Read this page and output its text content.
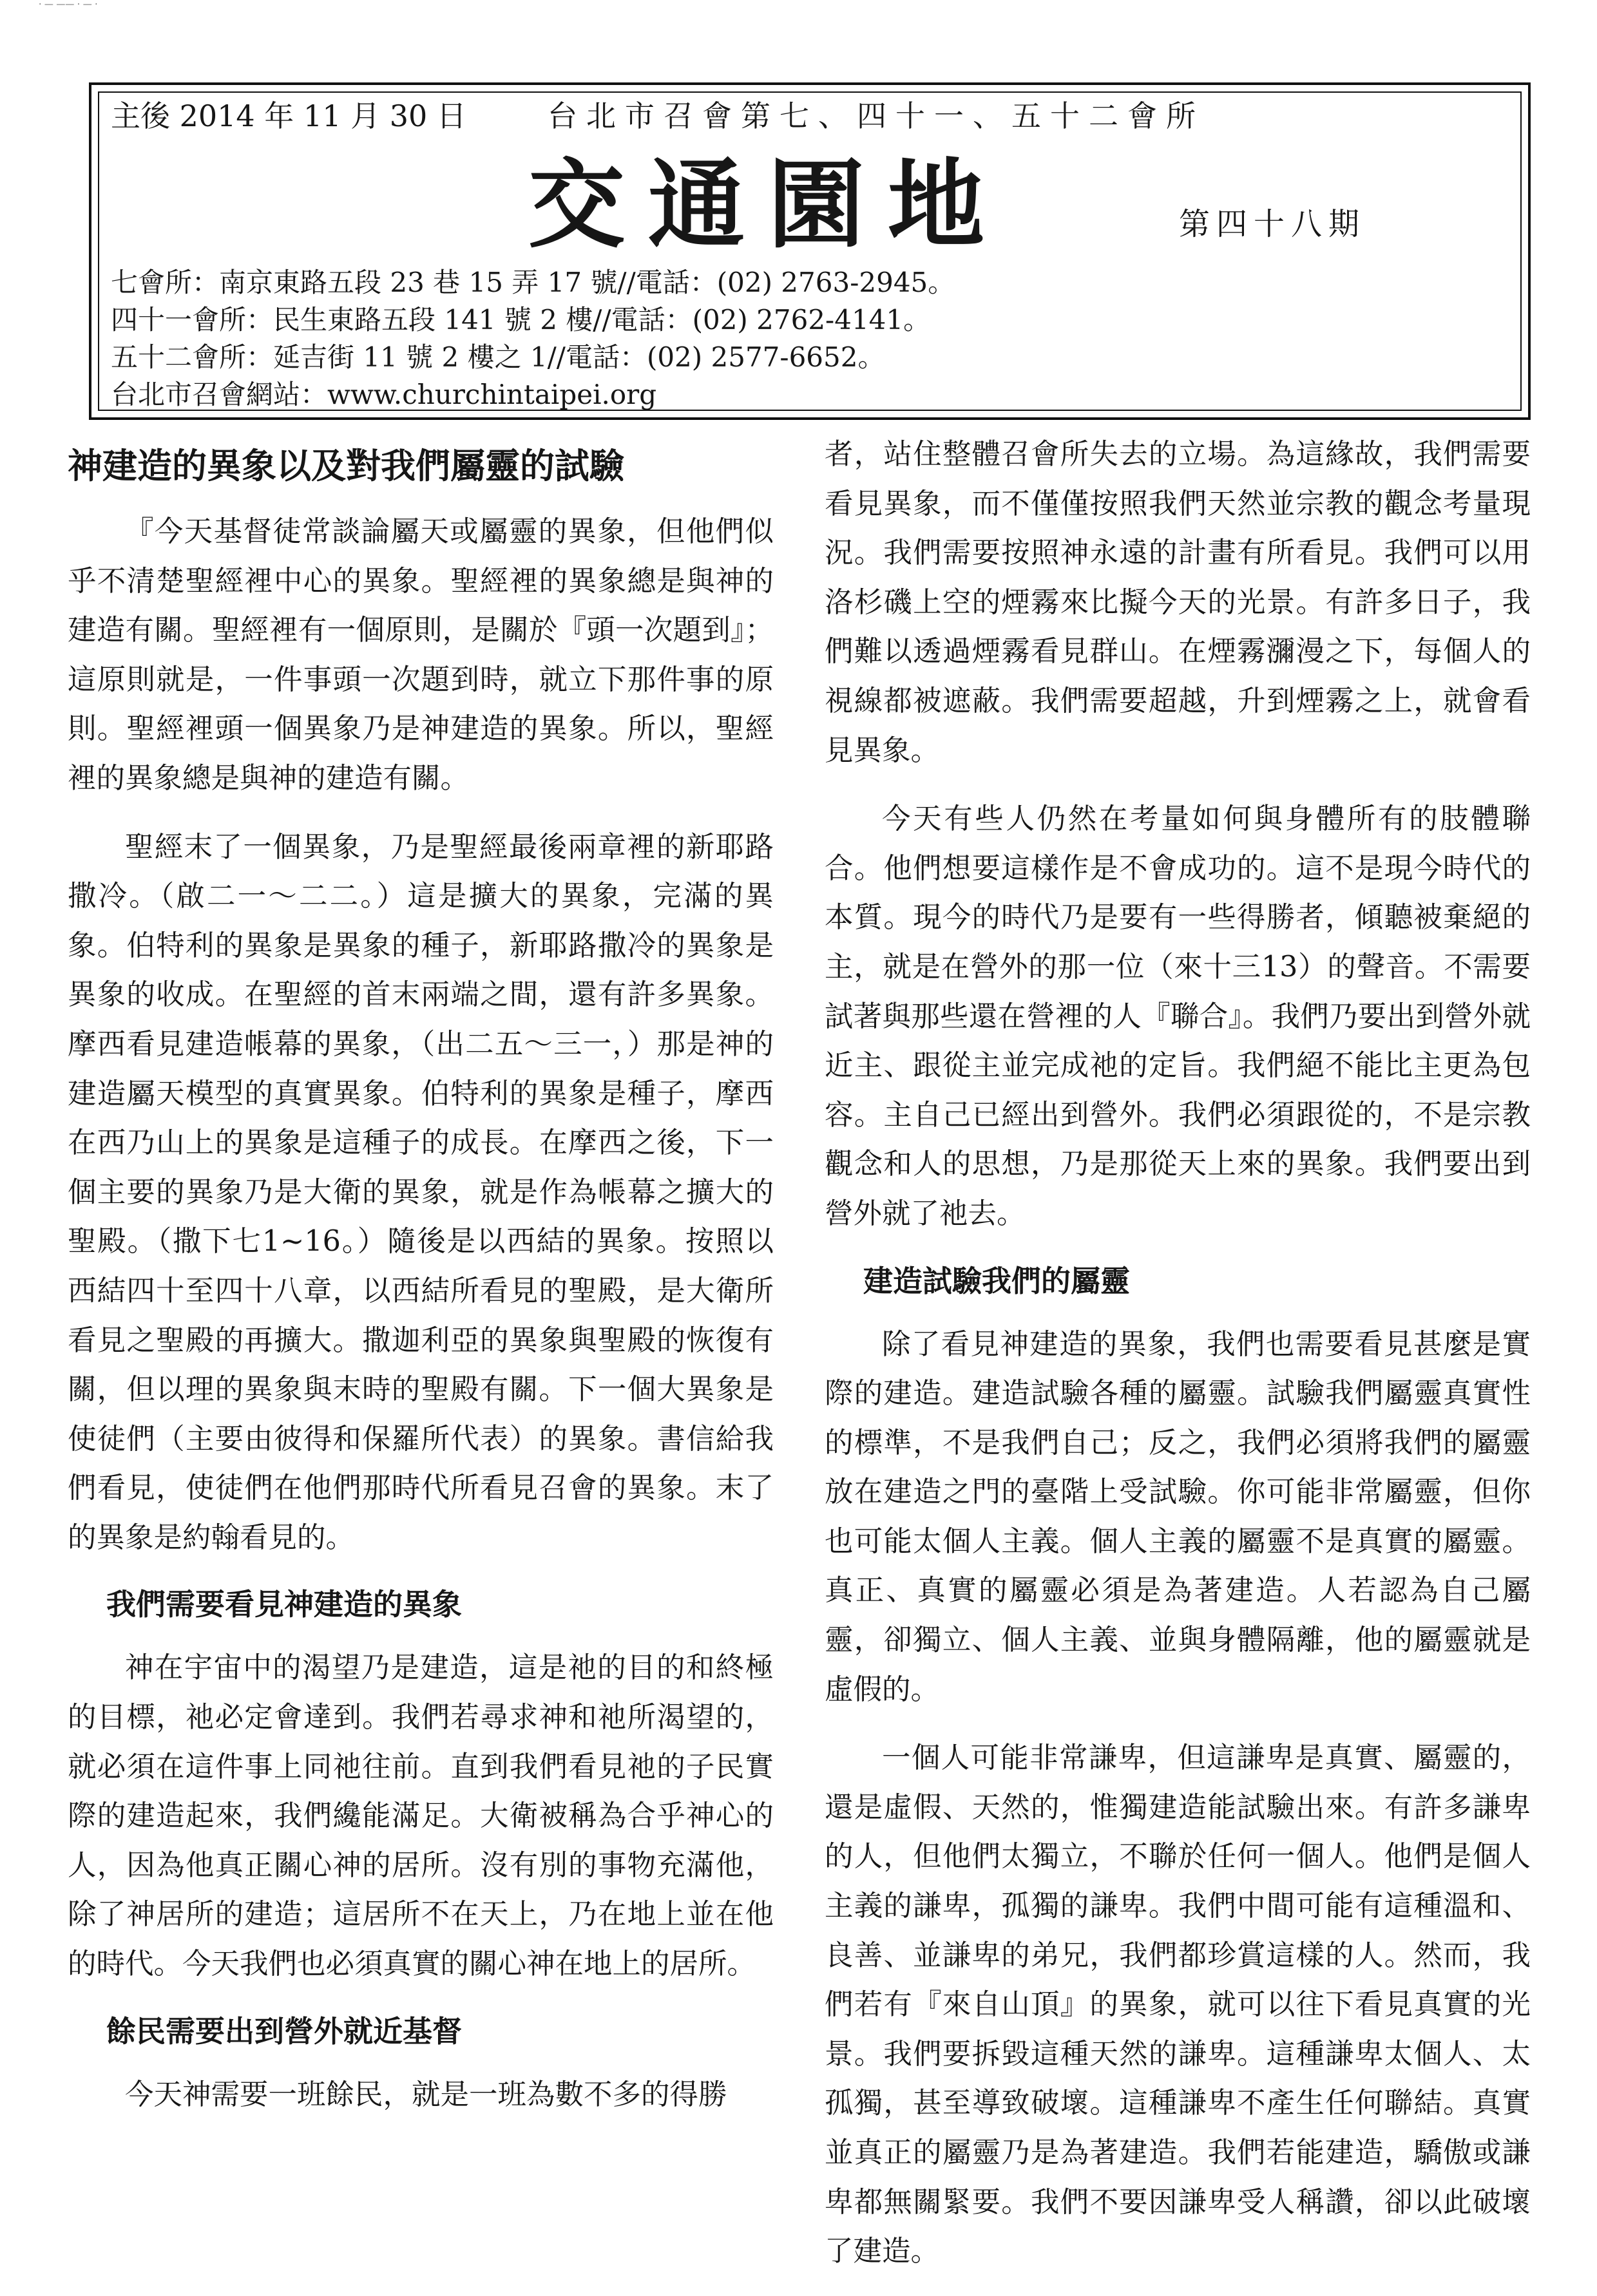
· — —— · — ·
主後 2014 年 11 月 30 日	台北市召會第七、四十一、五十二會所
交通園地	第四十八期
七會所：南京東路五段 23 巷 15 弄 17 號//電話：(02) 2763-2945。
四十一會所：民生東路五段 141 號 2 樓//電話：(02) 2762-4141。
五十二會所：延吉街 11 號 2 樓之 1//電話：(02) 2577-6652。
台北市召會網站：www.churchintaipei.org
神建造的異象以及對我們屬靈的試驗

『今天基督徒常談論屬天或屬靈的異象，但他們似乎不清楚聖經裡中心的異象。聖經裡的異象總是與神的建造有關。聖經裡有一個原則，是關於『頭一次題到』；這原則就是，一件事頭一次題到時，就立下那件事的原則。聖經裡頭一個異象乃是神建造的異象。所以，聖經裡的異象總是與神的建造有關。

聖經末了一個異象，乃是聖經最後兩章裡的新耶路撒冷。（啟二一～二二。）這是擴大的異象，完滿的異象。伯特利的異象是異象的種子，新耶路撒冷的異象是異象的收成。在聖經的首末兩端之間，還有許多異象。摩西看見建造帳幕的異象，（出二五～三一，）那是神的建造屬天模型的真實異象。伯特利的異象是種子，摩西在西乃山上的異象是這種子的成長。在摩西之後，下一個主要的異象乃是大衛的異象，就是作為帳幕之擴大的聖殿。（撒下七1~16。）隨後是以西結的異象。按照以西結四十至四十八章，以西結所看見的聖殿，是大衛所看見之聖殿的再擴大。撒迦利亞的異象與聖殿的恢復有關，但以理的異象與末時的聖殿有關。下一個大異象是使徒們（主要由彼得和保羅所代表）的異象。書信給我們看見，使徒們在他們那時代所看見召會的異象。末了的異象是約翰看見的。

我們需要看見神建造的異象

神在宇宙中的渴望乃是建造，這是祂的目的和終極的目標，祂必定會達到。我們若尋求神和祂所渴望的，就必須在這件事上同祂往前。直到我們看見祂的子民實際的建造起來，我們纔能滿足。大衛被稱為合乎神心的人，因為他真正關心神的居所。沒有別的事物充滿他，除了神居所的建造；這居所不在天上，乃在地上並在他的時代。今天我們也必須真實的關心神在地上的居所。

餘民需要出到營外就近基督

今天神需要一班餘民，就是一班為數不多的得勝

者，站住整體召會所失去的立場。為這緣故，我們需要看見異象，而不僅僅按照我們天然並宗教的觀念考量現況。我們需要按照神永遠的計畫有所看見。我們可以用洛杉磯上空的煙霧來比擬今天的光景。有許多日子，我們難以透過煙霧看見群山。在煙霧瀰漫之下，每個人的視線都被遮蔽。我們需要超越，升到煙霧之上，就會看見異象。

今天有些人仍然在考量如何與身體所有的肢體聯合。他們想要這樣作是不會成功的。這不是現今時代的本質。現今的時代乃是要有一些得勝者，傾聽被棄絕的主，就是在營外的那一位（來十三13）的聲音。不需要試著與那些還在營裡的人『聯合』。我們乃要出到營外就近主、跟從主並完成祂的定旨。我們絕不能比主更為包容。主自己已經出到營外。我們必須跟從的，不是宗教觀念和人的思想，乃是那從天上來的異象。我們要出到營外就了祂去。

建造試驗我們的屬靈

除了看見神建造的異象，我們也需要看見甚麼是實際的建造。建造試驗各種的屬靈。試驗我們屬靈真實性的標準，不是我們自己；反之，我們必須將我們的屬靈放在建造之門的臺階上受試驗。你可能非常屬靈，但你也可能太個人主義。個人主義的屬靈不是真實的屬靈。真正、真實的屬靈必須是為著建造。人若認為自己屬靈，卻獨立、個人主義、並與身體隔離，他的屬靈就是虛假的。

一個人可能非常謙卑，但這謙卑是真實、屬靈的，還是虛假、天然的，惟獨建造能試驗出來。有許多謙卑的人，但他們太獨立，不聯於任何一個人。他們是個人主義的謙卑，孤獨的謙卑。我們中間可能有這種溫和、良善、並謙卑的弟兄，我們都珍賞這樣的人。然而，我們若有『來自山頂』的異象，就可以往下看見真實的光景。我們要拆毀這種天然的謙卑。這種謙卑太個人、太孤獨，甚至導致破壞。這種謙卑不產生任何聯結。真實並真正的屬靈乃是為著建造。我們若能建造，驕傲或謙卑都無關緊要。我們不要因謙卑受人稱讚，卻以此破壞了建造。
